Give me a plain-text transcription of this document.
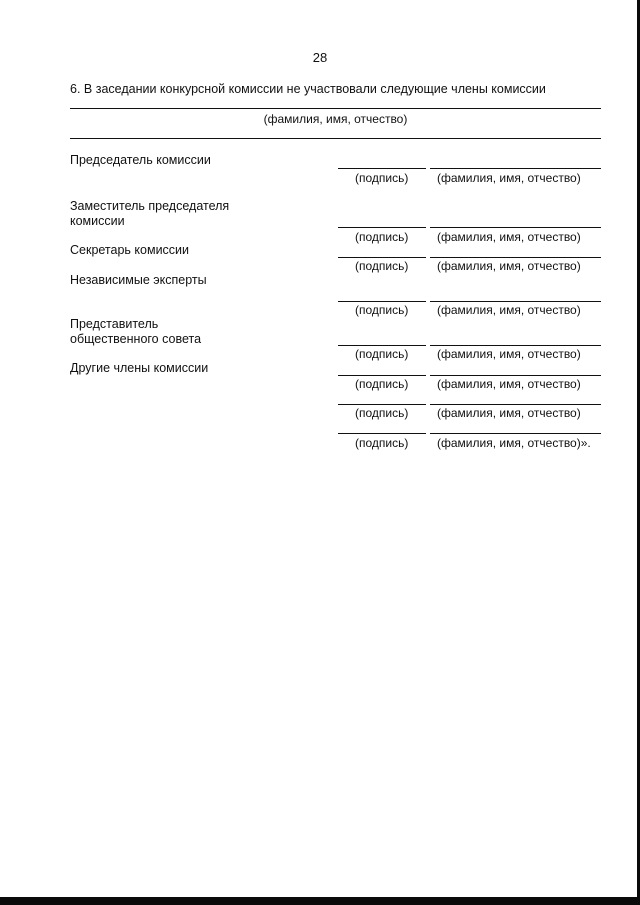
28
6. В заседании конкурсной комиссии не участвовали следующие члены комиссии
(фамилия, имя, отчество)
Председатель комиссии
(подпись) (фамилия, имя, отчество)
Заместитель председателя
комиссии
(подпись) (фамилия, имя, отчество)
Секретарь комиссии
(подпись) (фамилия, имя, отчество)
Независимые эксперты
(подпись) (фамилия, имя, отчество)
Представитель
общественного совета
(подпись) (фамилия, имя, отчество)
Другие члены комиссии
(подпись) (фамилия, имя, отчество)
(подпись) (фамилия, имя, отчество)
(подпись) (фамилия, имя, отчество)».
